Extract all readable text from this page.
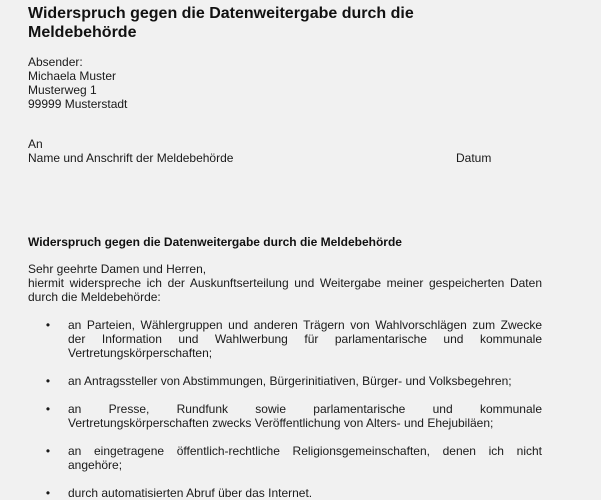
Widerspruch gegen die Datenweitergabe durch die
Meldebehörde
Absender:
Michaela Muster
Musterweg 1
99999 Musterstadt
An
Name und Anschrift der Meldebehörde	Datum
Widerspruch gegen die Datenweitergabe durch die Meldebehörde
Sehr geehrte Damen und Herren,
hiermit widerspreche ich der Auskunftserteilung und Weitergabe meiner gespeicherten Daten
durch die Meldebehörde:
• an Parteien, Wählergruppen und anderen Trägern von Wahlvorschlägen zum Zwecke
der Information und Wahlwerbung für parlamentarische und kommunale
Vertretungskörperschaften;
• an Antragssteller von Abstimmungen, Bürgerinitiativen, Bürger- und Volksbegehren;
• an Presse, Rundfunk sowie parlamentarische und kommunale
Vertretungskörperschaften zwecks Veröffentlichung von Alters- und Ehejubiläen;
• an eingetragene öffentlich-rechtliche Religionsgemeinschaften, denen ich nicht
angehöre;
• durch automatisierten Abruf über das Internet.
